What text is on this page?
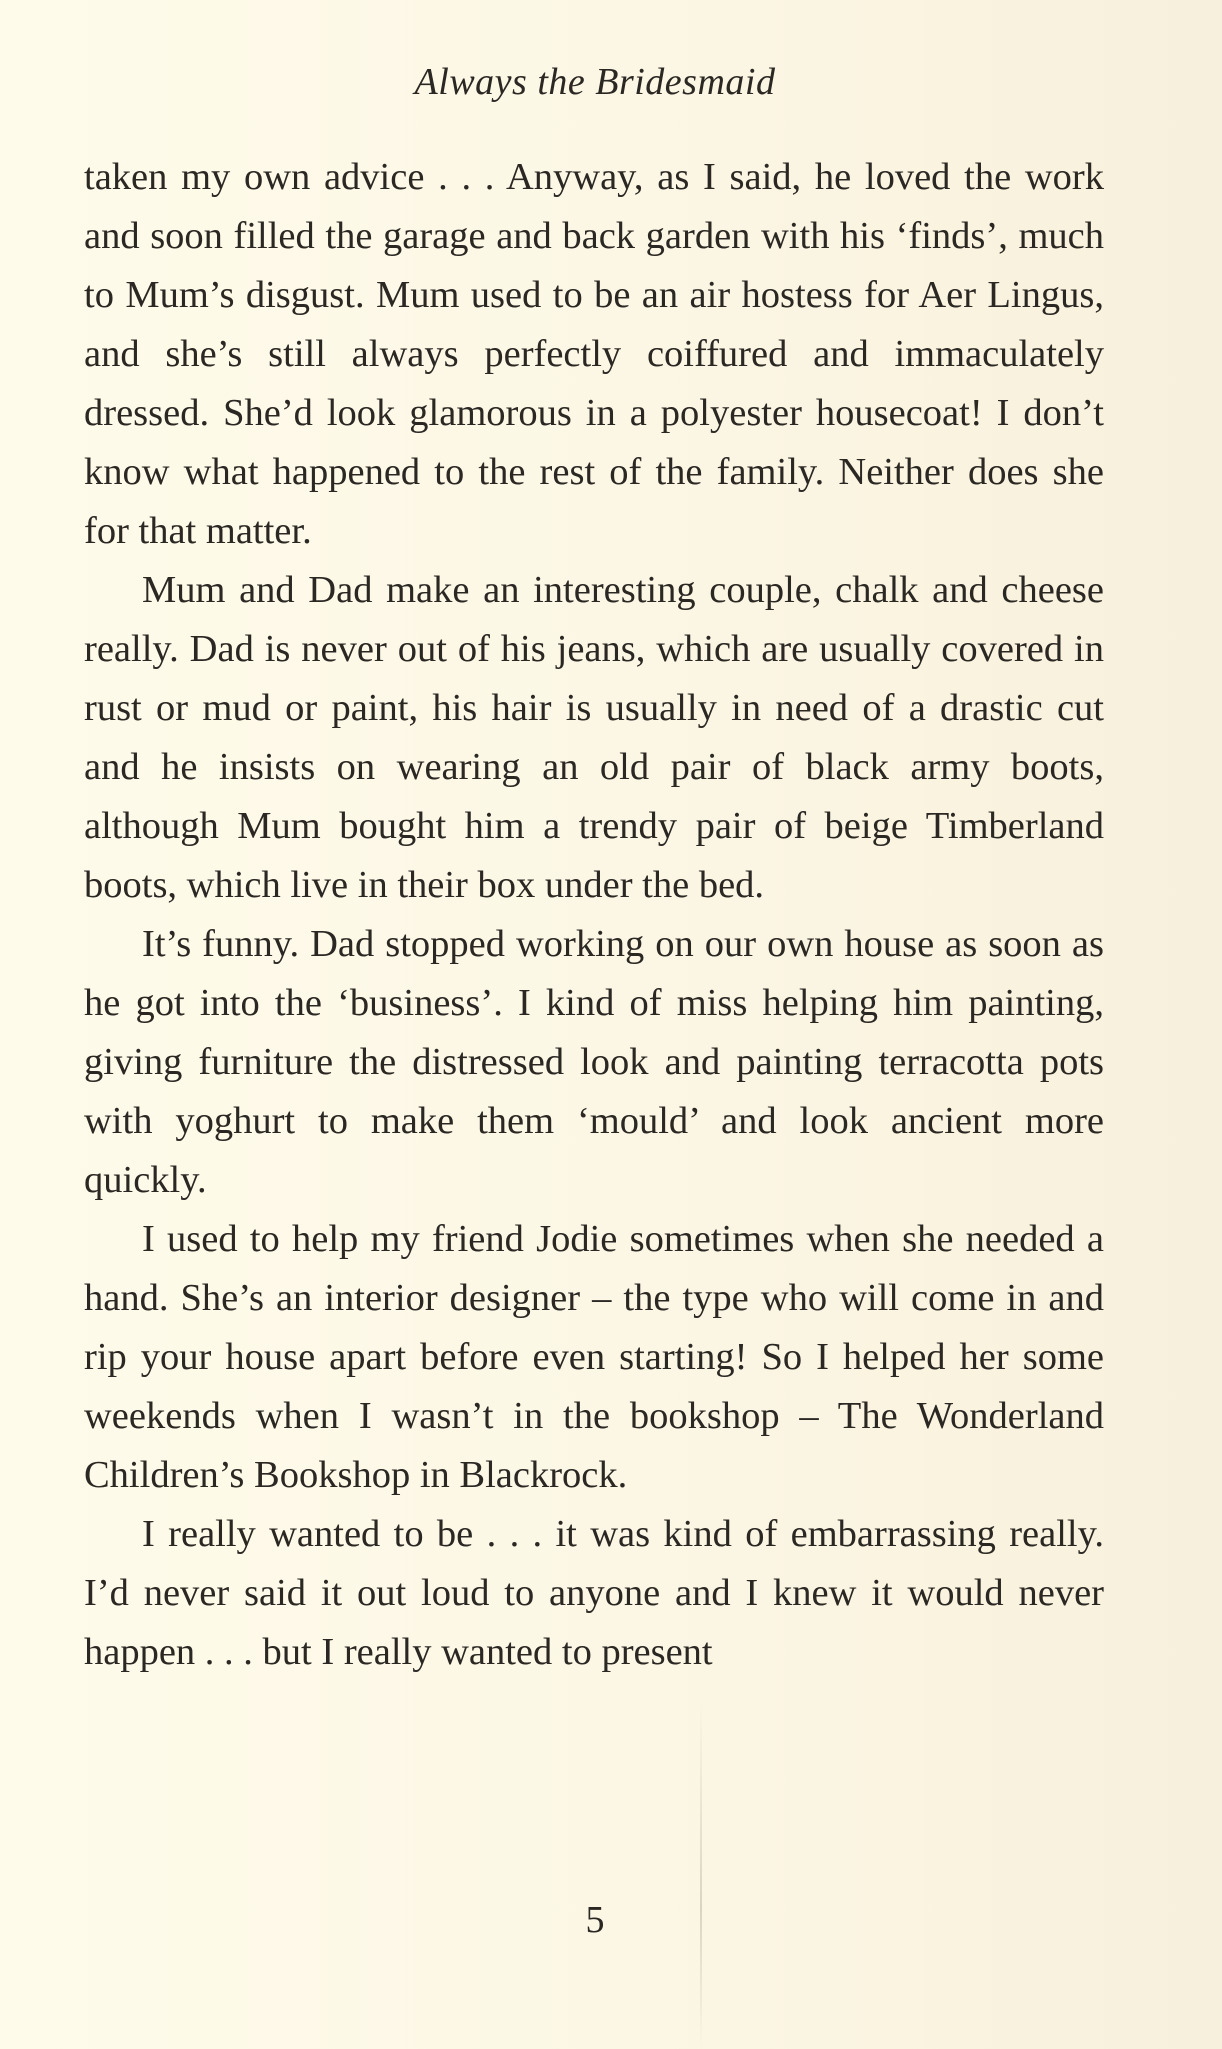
Always the Bridesmaid

taken my own advice . . . Anyway, as I said, he loved the work and soon filled the garage and back garden with his ‘finds’, much to Mum’s disgust. Mum used to be an air hostess for Aer Lingus, and she’s still always perfectly coiffured and immaculately dressed. She’d look glamorous in a polyester housecoat! I don’t know what happened to the rest of the family. Neither does she for that matter.

Mum and Dad make an interesting couple, chalk and cheese really. Dad is never out of his jeans, which are usually covered in rust or mud or paint, his hair is usually in need of a drastic cut and he insists on wearing an old pair of black army boots, although Mum bought him a trendy pair of beige Timberland boots, which live in their box under the bed.

It’s funny. Dad stopped working on our own house as soon as he got into the ‘business’. I kind of miss helping him painting, giving furniture the distressed look and painting terracotta pots with yoghurt to make them ‘mould’ and look ancient more quickly.

I used to help my friend Jodie sometimes when she needed a hand. She’s an interior designer – the type who will come in and rip your house apart before even starting! So I helped her some weekends when I wasn’t in the bookshop – The Wonderland Children’s Bookshop in Blackrock.

I really wanted to be . . . it was kind of embarrassing really. I’d never said it out loud to anyone and I knew it would never happen . . . but I really wanted to present

5
